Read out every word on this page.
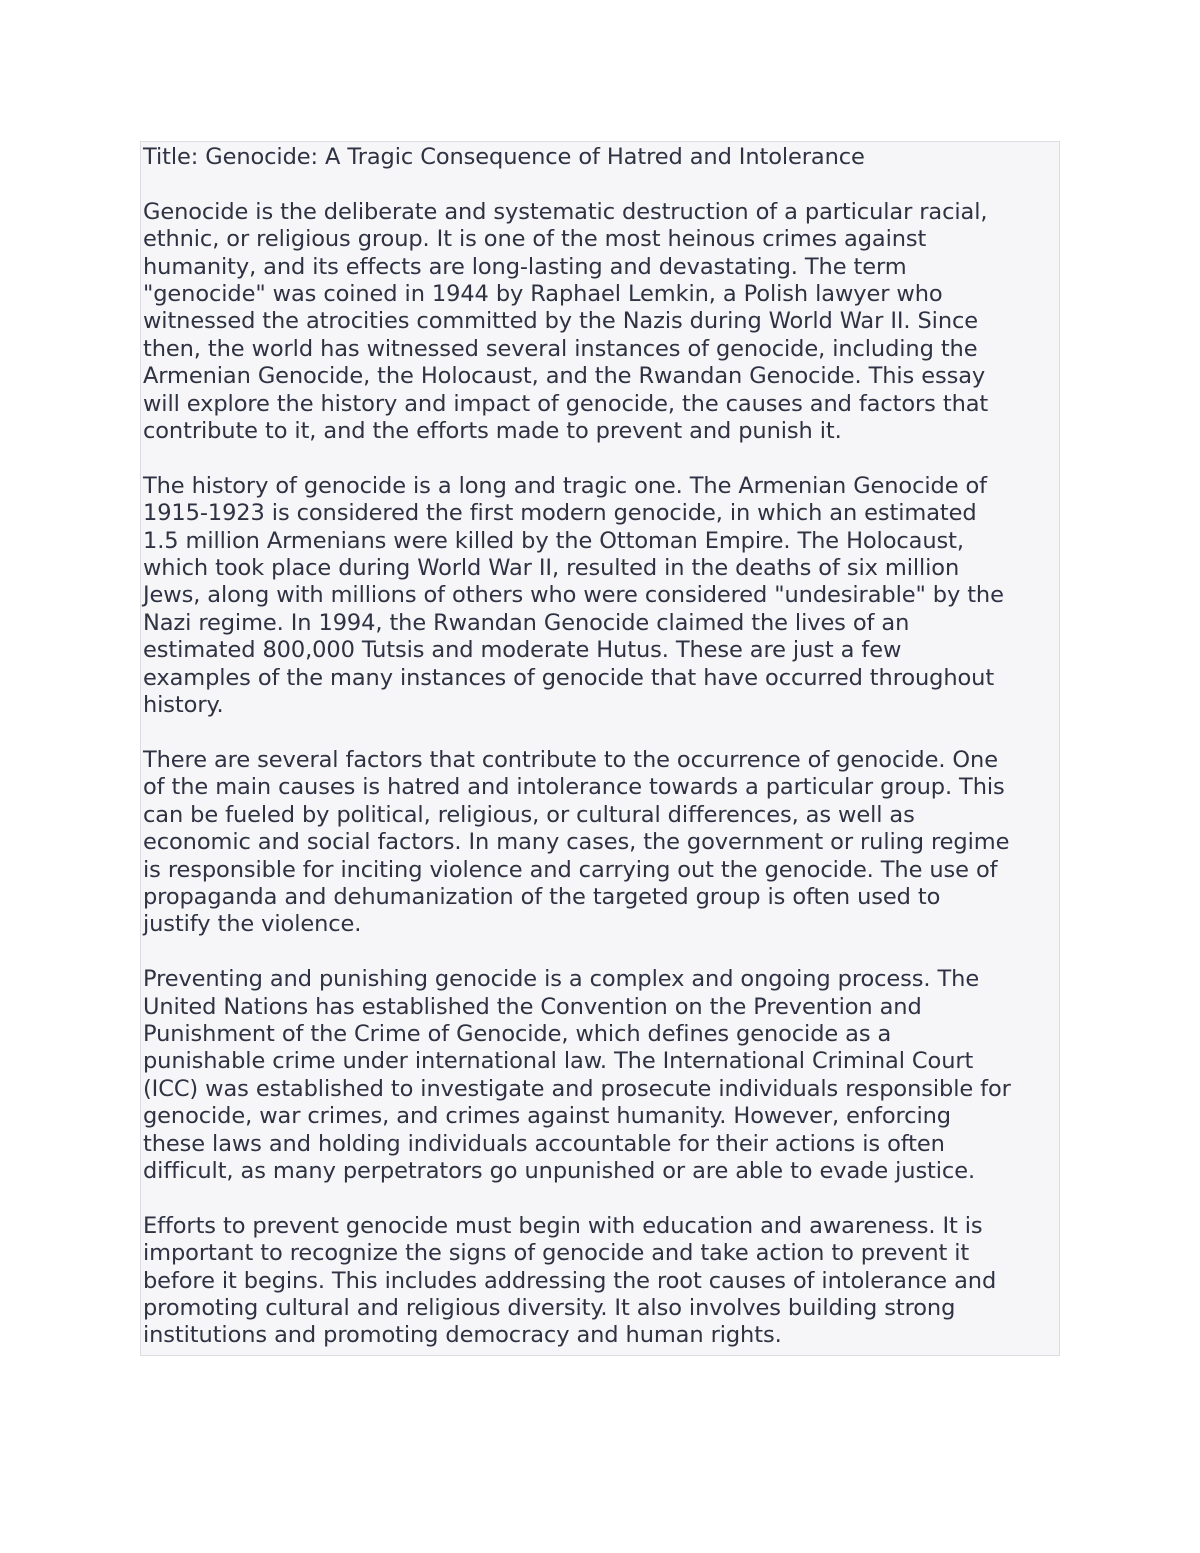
Title: Genocide: A Tragic Consequence of Hatred and Intolerance
Genocide is the deliberate and systematic destruction of a particular racial,
ethnic, or religious group. It is one of the most heinous crimes against
humanity, and its effects are long-lasting and devastating. The term
"genocide" was coined in 1944 by Raphael Lemkin, a Polish lawyer who
witnessed the atrocities committed by the Nazis during World War II. Since
then, the world has witnessed several instances of genocide, including the
Armenian Genocide, the Holocaust, and the Rwandan Genocide. This essay
will explore the history and impact of genocide, the causes and factors that
contribute to it, and the efforts made to prevent and punish it.
The history of genocide is a long and tragic one. The Armenian Genocide of
1915-1923 is considered the first modern genocide, in which an estimated
1.5 million Armenians were killed by the Ottoman Empire. The Holocaust,
which took place during World War II, resulted in the deaths of six million
Jews, along with millions of others who were considered "undesirable" by the
Nazi regime. In 1994, the Rwandan Genocide claimed the lives of an
estimated 800,000 Tutsis and moderate Hutus. These are just a few
examples of the many instances of genocide that have occurred throughout
history.
There are several factors that contribute to the occurrence of genocide. One
of the main causes is hatred and intolerance towards a particular group. This
can be fueled by political, religious, or cultural differences, as well as
economic and social factors. In many cases, the government or ruling regime
is responsible for inciting violence and carrying out the genocide. The use of
propaganda and dehumanization of the targeted group is often used to
justify the violence.
Preventing and punishing genocide is a complex and ongoing process. The
United Nations has established the Convention on the Prevention and
Punishment of the Crime of Genocide, which defines genocide as a
punishable crime under international law. The International Criminal Court
(ICC) was established to investigate and prosecute individuals responsible for
genocide, war crimes, and crimes against humanity. However, enforcing
these laws and holding individuals accountable for their actions is often
difficult, as many perpetrators go unpunished or are able to evade justice.
Efforts to prevent genocide must begin with education and awareness. It is
important to recognize the signs of genocide and take action to prevent it
before it begins. This includes addressing the root causes of intolerance and
promoting cultural and religious diversity. It also involves building strong
institutions and promoting democracy and human rights.
